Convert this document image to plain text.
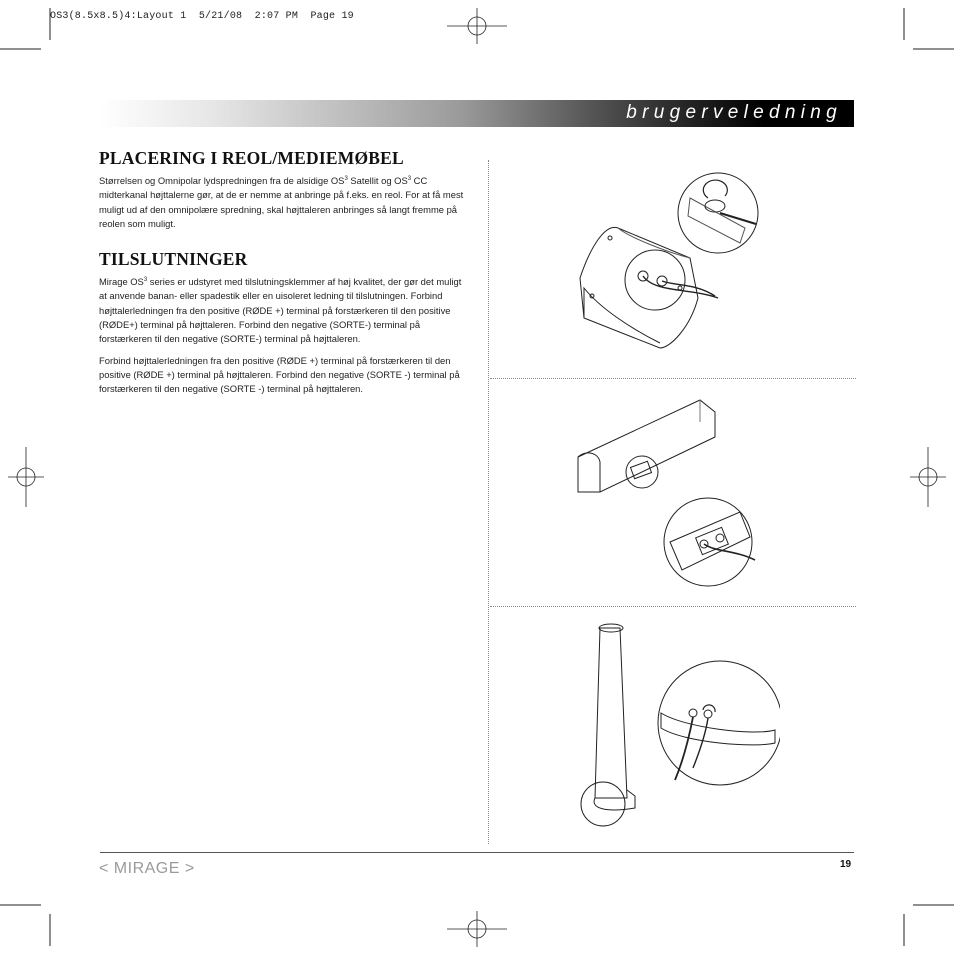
OS3(8.5x8.5)4:Layout 1  5/21/08  2:07 PM  Page 19
brugerveledning
PLACERING I REOL/MEDIEMØBEL

Størrelsen og Omnipolar lydspredningen fra de alsidige $OS^3$ Satellit og $OS^3$ CC midterkanal højttalerne gør, at de er nemme at anbringe på f.eks. en reol. For at få mest muligt ud af den omnipolære spredning, skal højttaleren anbringes så langt fremme på reolen som muligt.

TILSLUTNINGER

Mirage $OS^3$ series er udstyret med tilslutningsklemmer af høj kvalitet, der gør det muligt at anvende banan- eller spadestik eller en uisoleret ledning til tilslutningen. Forbind højttalerledningen fra den positive (RØDE +) terminal på forstærkeren til den positive (RØDE+) terminal på højttaleren. Forbind den negative (SORTE-) terminal på forstærkeren til den negative (SORTE-) terminal på højttaleren.

Forbind højttalerledningen fra den positive (RØDE +) terminal på forstærkeren til den positive (RØDE +) terminal på højttaleren. Forbind den negative (SORTE -) terminal på forstærkeren til den negative (SORTE -) terminal på højttaleren.

< MIRAGE >	19
